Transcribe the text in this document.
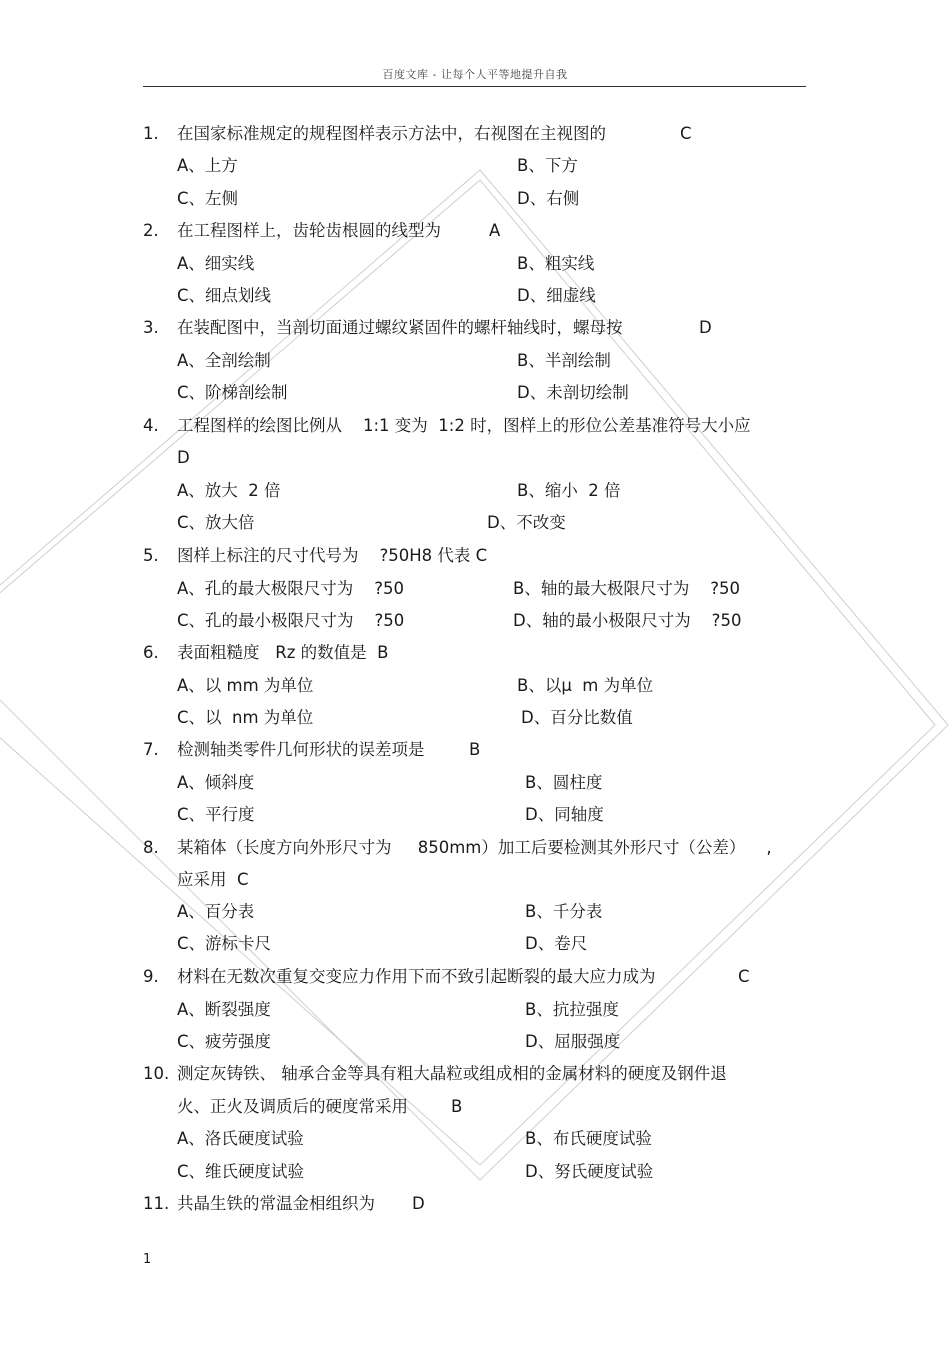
百度文库 - 让每个人平等地提升自我
1. 在国家标准规定的规程图样表示方法中，右视图在主视图的	C
A、上方	B、下方
C、左侧	D、右侧
2. 在工程图样上，齿轮齿根圆的线型为	A
A、细实线	B、粗实线
C、细点划线	D、细虚线
3. 在装配图中，当剖切面通过螺纹紧固件的螺杆轴线时，螺母按	D
A、全剖绘制	B、半剖绘制
C、阶梯剖绘制	D、未剖切绘制
4. 工程图样的绘图比例从    1:1 变为  1:2 时，图样上的形位公差基准符号大小应
D
A、放大  2 倍	B、缩小  2 倍
C、放大倍	D、不改变
5. 图样上标注的尺寸代号为    ?50H8 代表 C
A、孔的最大极限尺寸为    ?50	B、轴的最大极限尺寸为    ?50
C、孔的最小极限尺寸为    ?50	D、轴的最小极限尺寸为    ?50
6. 表面粗糙度   Rz 的数值是  B
A、以 mm 为单位	B、以μ  m 为单位
C、以  nm 为单位	D、百分比数值
7. 检测轴类零件几何形状的误差项是	B
A、倾斜度	B、圆柱度
C、平行度	D、同轴度
8. 某箱体（长度方向外形尺寸为     850mm）加工后要检测其外形尺寸（公差）    ,
应采用  C
A、百分表	B、千分表
C、游标卡尺	D、卷尺
9. 材料在无数次重复交变应力作用下而不致引起断裂的最大应力成为	C
A、断裂强度	B、抗拉强度
C、疲劳强度	D、屈服强度
10. 测定灰铸铁、 轴承合金等具有粗大晶粒或组成相的金属材料的硬度及钢件退
火、正火及调质后的硬度常采用	B
A、洛氏硬度试验	B、布氏硬度试验
C、维氏硬度试验	D、努氏硬度试验
11. 共晶生铁的常温金相组织为 D
1
